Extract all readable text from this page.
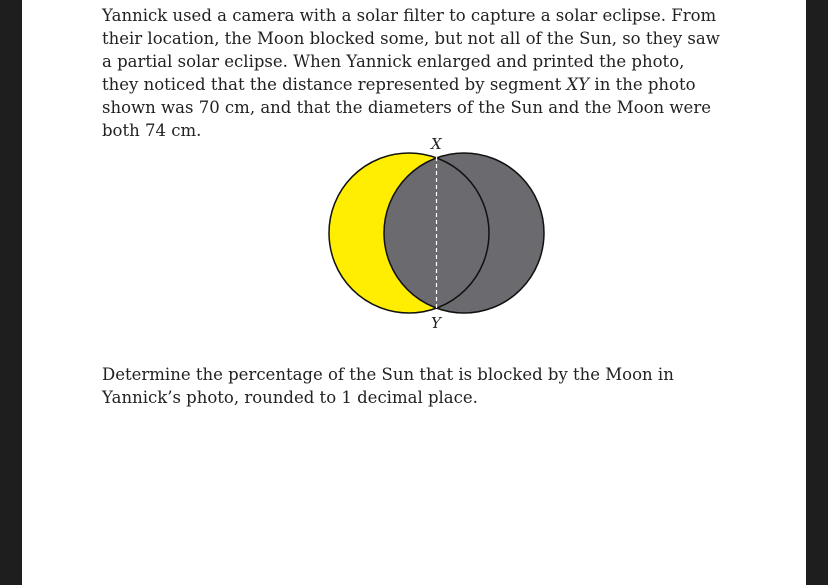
Yannick used a camera with a solar filter to capture a solar eclipse. From their location, the Moon blocked some, but not all of the Sun, so they saw a partial solar eclipse. When Yannick enlarged and printed the photo, they noticed that the distance represented by segment XY in the photo shown was 70 cm, and that the diameters of the Sun and the Moon were both 74 cm.

X
Y

Determine the percentage of the Sun that is blocked by the Moon in Yannick’s photo, rounded to 1 decimal place.
